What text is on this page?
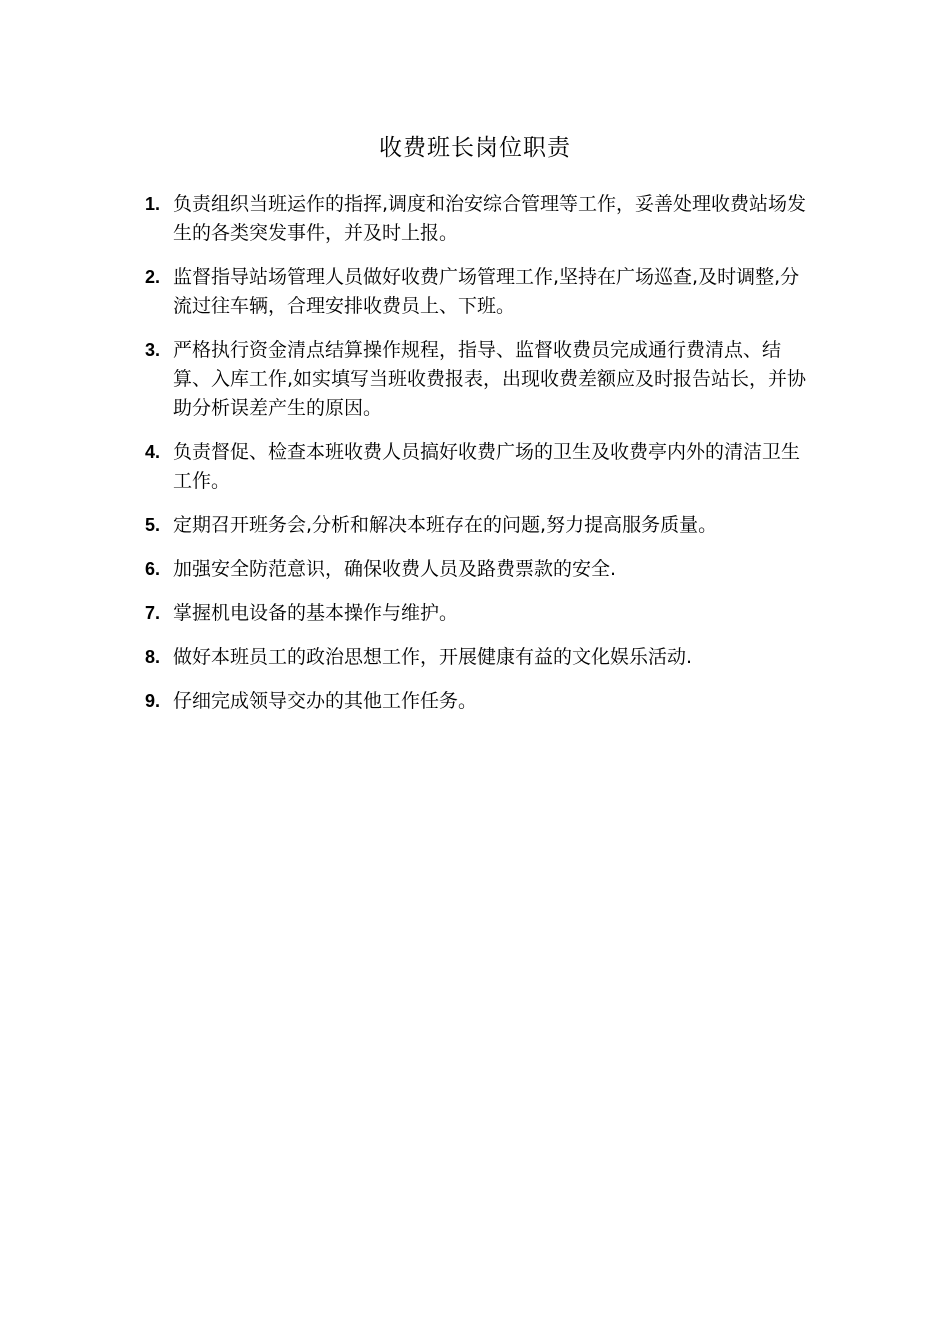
收费班长岗位职责
1. 负责组织当班运作的指挥,调度和治安综合管理等工作，妥善处理收费站场发生的各类突发事件，并及时上报。
2. 监督指导站场管理人员做好收费广场管理工作,坚持在广场巡查,及时调整,分流过往车辆，合理安排收费员上、下班。
3. 严格执行资金清点结算操作规程，指导、监督收费员完成通行费清点、结算、入库工作,如实填写当班收费报表，出现收费差额应及时报告站长，并协助分析误差产生的原因。
4. 负责督促、检查本班收费人员搞好收费广场的卫生及收费亭内外的清洁卫生工作。
5. 定期召开班务会,分析和解决本班存在的问题,努力提高服务质量。
6. 加强安全防范意识，确保收费人员及路费票款的安全.
7. 掌握机电设备的基本操作与维护。
8. 做好本班员工的政治思想工作，开展健康有益的文化娱乐活动.
9. 仔细完成领导交办的其他工作任务。
